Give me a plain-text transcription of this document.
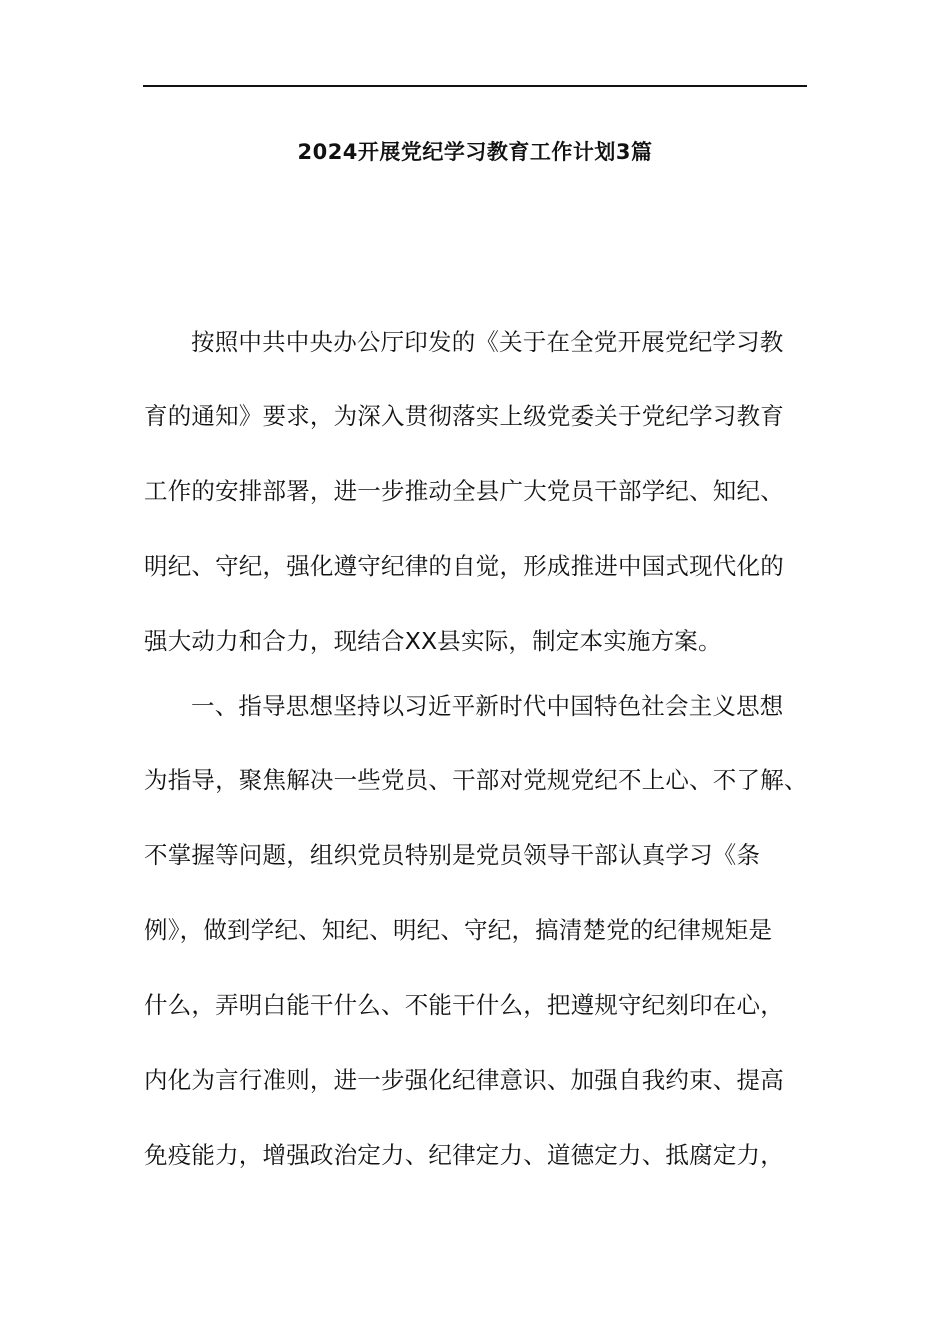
2024开展党纪学习教育工作计划3篇
按照中共中央办公厅印发的《关于在全党开展党纪学习教
育的通知》要求，为深入贯彻落实上级党委关于党纪学习教育
工作的安排部署，进一步推动全县广大党员干部学纪、知纪、
明纪、守纪，强化遵守纪律的自觉，形成推进中国式现代化的
强大动力和合力，现结合XX县实际，制定本实施方案。
一、指导思想坚持以习近平新时代中国特色社会主义思想
为指导，聚焦解决一些党员、干部对党规党纪不上心、不了解、
不掌握等问题，组织党员特别是党员领导干部认真学习《条
例》，做到学纪、知纪、明纪、守纪，搞清楚党的纪律规矩是
什么，弄明白能干什么、不能干什么，把遵规守纪刻印在心，
内化为言行准则，进一步强化纪律意识、加强自我约束、提高
免疫能力，增强政治定力、纪律定力、道德定力、抵腐定力，
